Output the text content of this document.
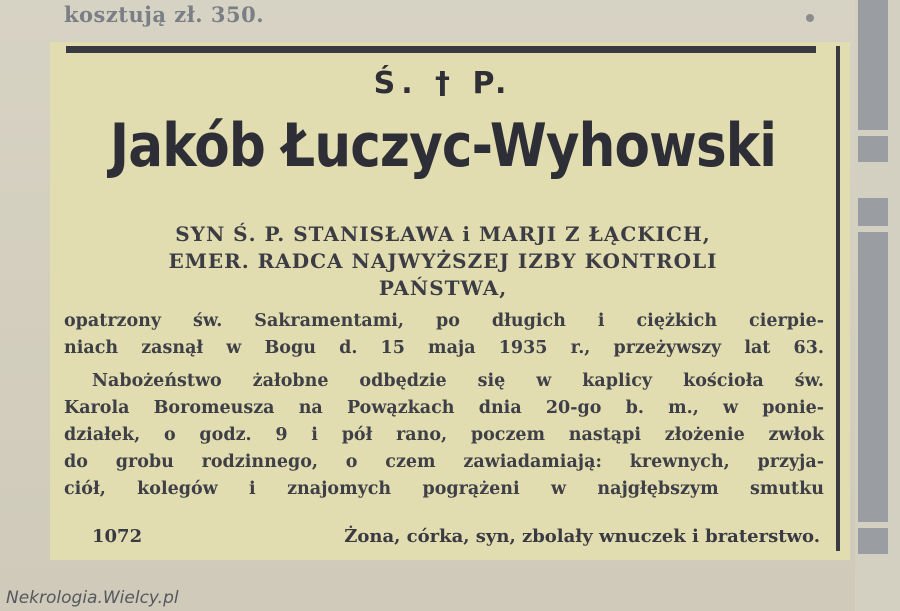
kosztują zł. 350.
Ś. † P.
Jakób Łuczyc-Wyhowski
SYN Ś. P. STANISŁAWA i MARJI Z ŁĄCKICH,
EMER. RADCA NAJWYŻSZEJ IZBY KONTROLI
PAŃSTWA,
opatrzony św. Sakramentami, po długich i ciężkich cierpie-
niach zasnął w Bogu d. 15 maja 1935 r., przeżywszy lat 63.
Nabożeństwo żałobne odbędzie się w kaplicy kościoła św.
Karola Boromeusza na Powązkach dnia 20-go b. m., w ponie-
działek, o godz. 9 i pół rano, poczem nastąpi złożenie zwłok
do grobu rodzinnego, o czem zawiadamiają: krewnych, przyja-
ciół, kolegów i znajomych pogrążeni w najgłębszym smutku
1072	Żona, córka, syn, zbolały wnuczek i braterstwo.
Nekrologia.Wielcy.pl
